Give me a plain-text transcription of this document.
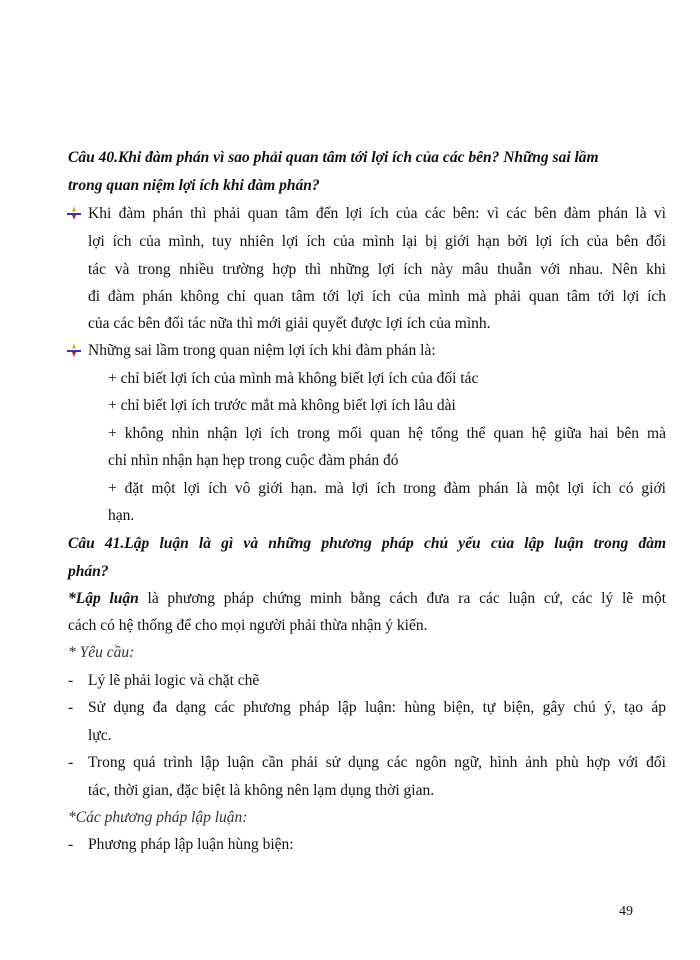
Câu 40.Khi đàm phán vì sao phải quan tâm tới lợi ích của các bên? Những sai lầm
trong quan niệm lợi ích khi đàm phán?
Khi đàm phán thì phải quan tâm đến lợi ích của các bên: vì các bên đàm phán là vì
lợi ích của mình, tuy nhiên lợi ích của mình lại bị giới hạn bởi lợi ích của bên đối
tác và trong nhiều trường hợp thì những lợi ích này mâu thuẫn với nhau. Nên khi
đi đàm phán không chỉ quan tâm tới lợi ích của mình mà phải quan tâm tới lợi ích
của các bên đối tác nữa thì mới giải quyết được lợi ích của mình.
Những sai lầm trong quan niệm lợi ích khi đàm phán là:
+ chỉ biết lợi ích của mình mà không biết lợi ích của đối tác
+ chỉ biết lợi ích trước mắt mà không biết lợi ích lâu dài
+ không nhìn nhận lợi ích trong mối quan hệ tổng thể quan hệ giữa hai bên mà
chỉ nhìn nhận hạn hẹp trong cuộc đàm phán đó
+ đặt một lợi ích vô giới hạn. mà lợi ích trong đàm phán là một lợi ích có giới
hạn.
Câu 41.Lập luận là gì và những phương pháp chủ yếu của lập luận trong đàm
phán?
*Lập luận là phương pháp chứng minh bằng cách đưa ra các luận cứ, các lý lẽ một
cách có hệ thống để cho mọi người phải thừa nhận ý kiến.
* Yêu cầu:
- Lý lẽ phải logic và chặt chẽ
- Sử dụng đa dạng các phương pháp lập luận: hùng biện, tự biện, gây chú ý, tạo áp
lực.
- Trong quá trình lập luận cần phải sử dụng các ngôn ngữ, hình ảnh phù hợp với đối
tác, thời gian, đặc biệt là không nên lạm dụng thời gian.
*Các phương pháp lập luận:
- Phương pháp lập luận hùng biện:
49
